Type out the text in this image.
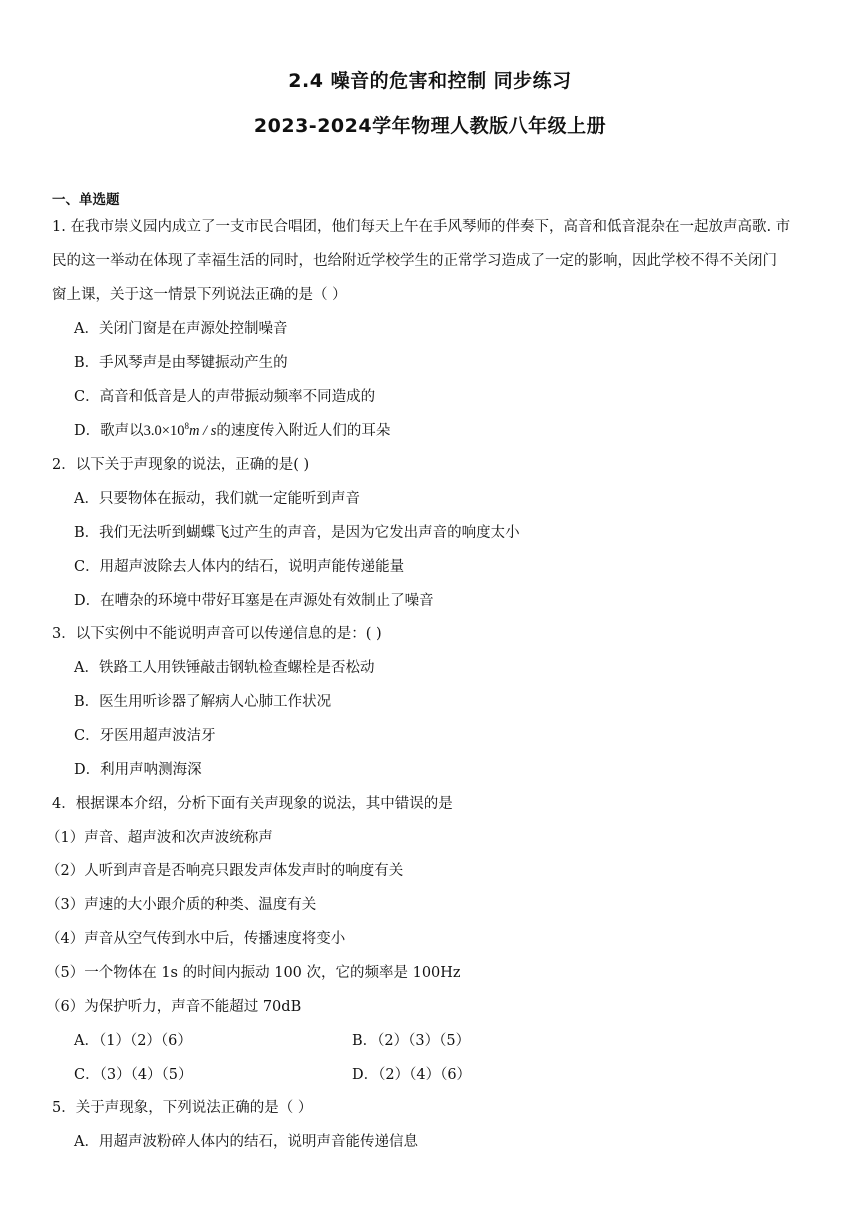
2.4 噪音的危害和控制 同步练习
2023-2024学年物理人教版八年级上册
一、单选题
1. 在我市崇义园内成立了一支市民合唱团，他们每天上午在手风琴师的伴奏下，高音和低音混杂在一起放声高歌. 市
民的这一举动在体现了幸福生活的同时，也给附近学校学生的正常学习造成了一定的影响，因此学校不得不关闭门
窗上课，关于这一情景下列说法正确的是（ ）
A．关闭门窗是在声源处控制噪音
B．手风琴声是由琴键振动产生的
C．高音和低音是人的声带振动频率不同造成的
D．歌声以$3.0\times 10^8m / s$的速度传入附近人们的耳朵
2．以下关于声现象的说法，正确的是( )
A．只要物体在振动，我们就一定能听到声音
B．我们无法听到蝴蝶飞过产生的声音，是因为它发出声音的响度太小
C．用超声波除去人体内的结石，说明声能传递能量
D．在嘈杂的环境中带好耳塞是在声源处有效制止了噪音
3．以下实例中不能说明声音可以传递信息的是：( )
A．铁路工人用铁锤敲击钢轨检查螺栓是否松动
B．医生用听诊器了解病人心肺工作状况
C．牙医用超声波洁牙
D．利用声呐测海深
4．根据课本介绍，分析下面有关声现象的说法，其中错误的是
（1）声音、超声波和次声波统称声
（2）人听到声音是否响亮只跟发声体发声时的响度有关
（3）声速的大小跟介质的种类、温度有关
（4）声音从空气传到水中后，传播速度将变小
（5）一个物体在 1s 的时间内振动 100 次，它的频率是 100Hz
（6）为保护听力，声音不能超过 70dB
A．（1）（2）（6）	B．（2）（3）（5）
C．（3）（4）（5）	D．（2）（4）（6）
5．关于声现象，下列说法正确的是（ ）
A．用超声波粉碎人体内的结石，说明声音能传递信息
